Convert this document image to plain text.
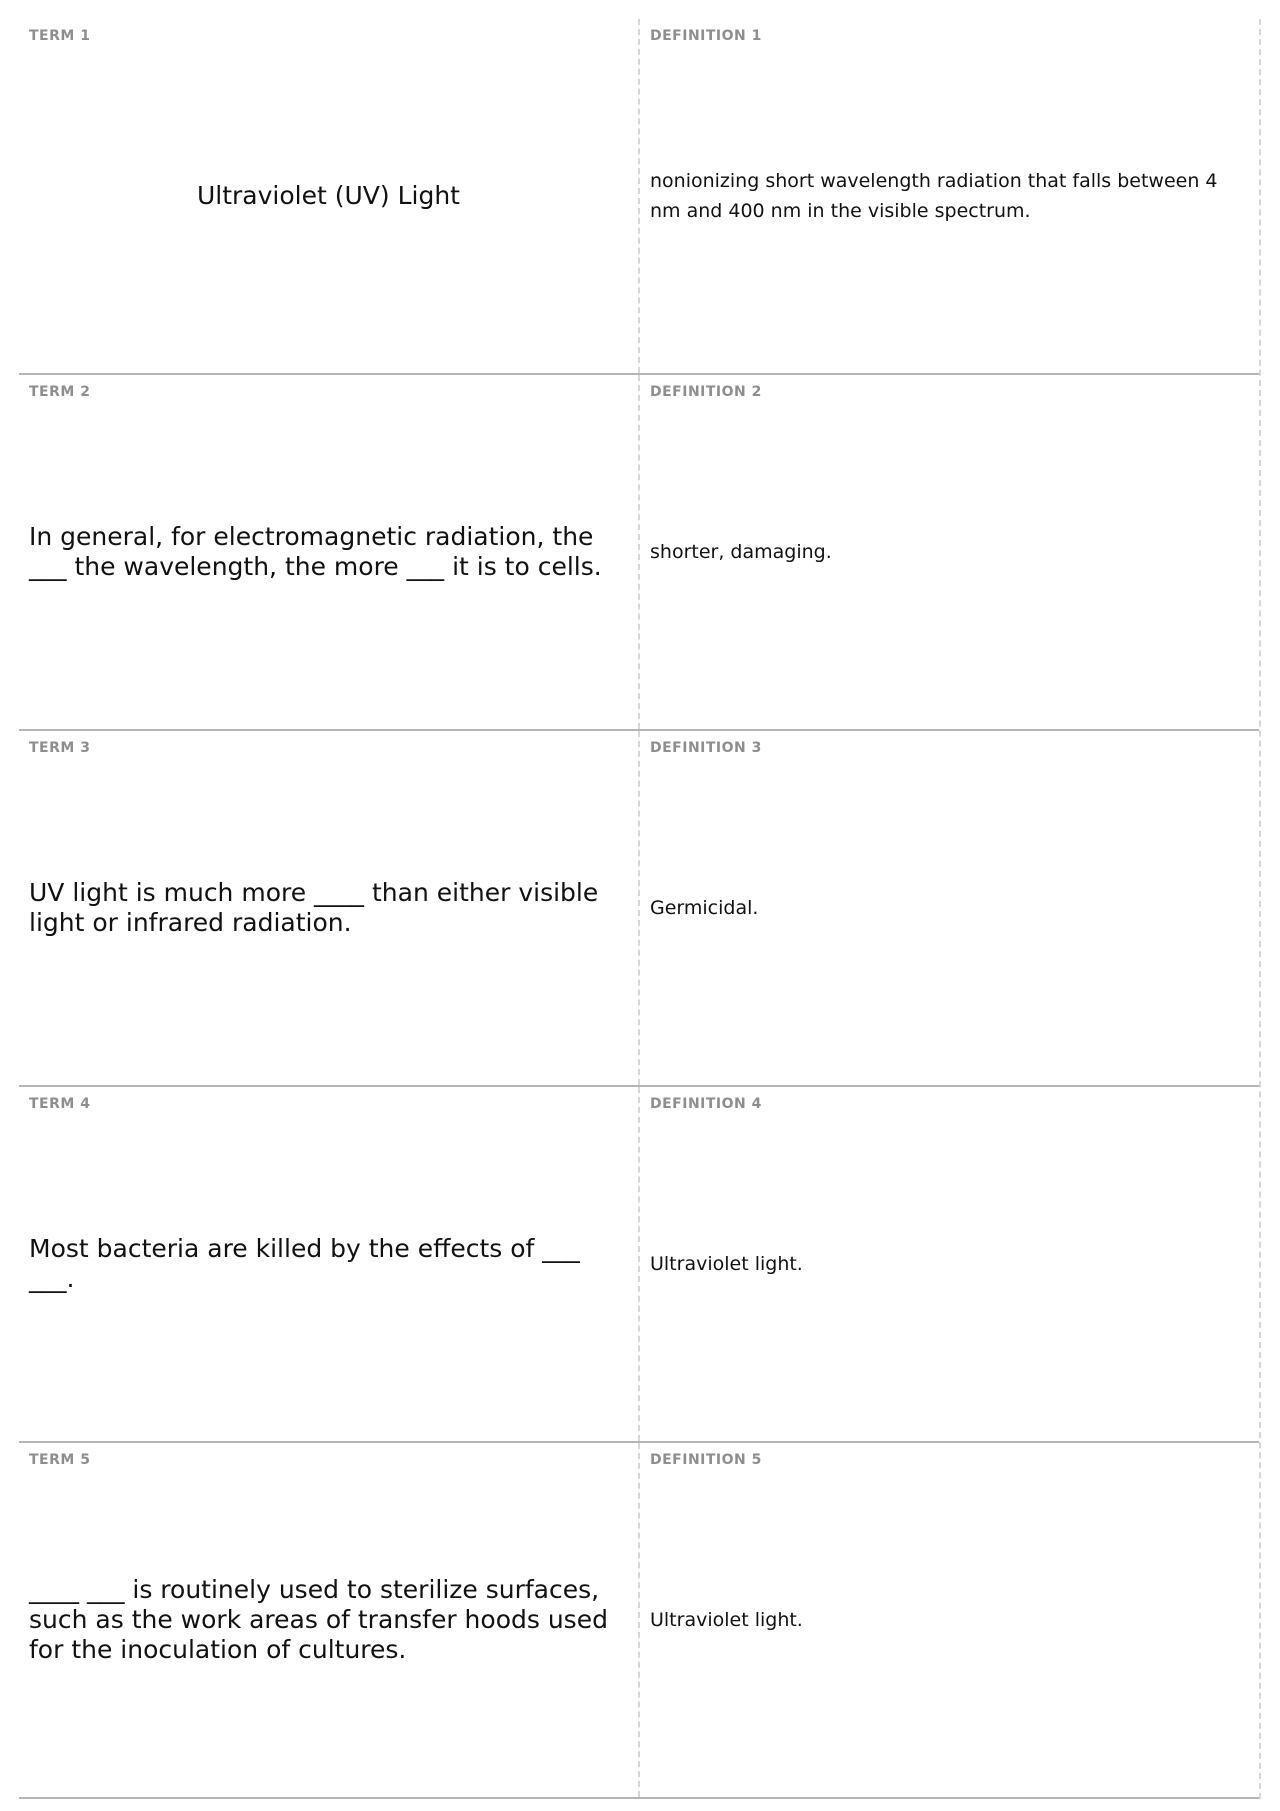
TERM 1
Ultraviolet (UV) Light
DEFINITION 1
nonionizing short wavelength radiation that falls between 4 nm and 400 nm in the visible spectrum.
TERM 2
In general, for electromagnetic radiation, the ___ the wavelength, the more ___ it is to cells.
DEFINITION 2
shorter, damaging.
TERM 3
UV light is much more ____ than either visible light or infrared radiation.
DEFINITION 3
Germicidal.
TERM 4
Most bacteria are killed by the effects of ___ ___.
DEFINITION 4
Ultraviolet light.
TERM 5
____ ___ is routinely used to sterilize surfaces, such as the work areas of transfer hoods used for the inoculation of cultures.
DEFINITION 5
Ultraviolet light.
